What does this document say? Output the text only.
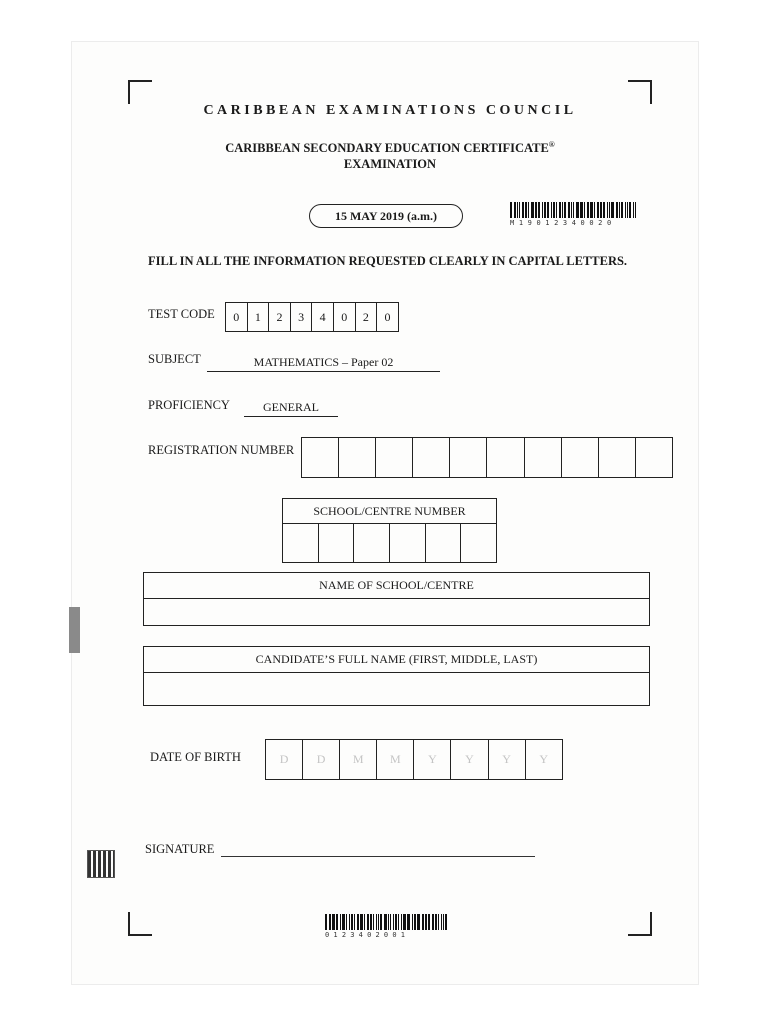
CARIBBEAN EXAMINATIONS COUNCIL
CARIBBEAN SECONDARY EDUCATION CERTIFICATE®
EXAMINATION
15 MAY 2019 (a.m.)	M19012340020
FILL IN ALL THE INFORMATION REQUESTED CLEARLY IN CAPITAL LETTERS.
TEST CODE	0	1	2	3	4	0	2	0
SUBJECT	MATHEMATICS – Paper 02
PROFICIENCY	GENERAL
REGISTRATION NUMBER
SCHOOL/CENTRE NUMBER
NAME OF SCHOOL/CENTRE
CANDIDATE’S FULL NAME (FIRST, MIDDLE, LAST)
DATE OF BIRTH	D	D	M	M	Y	Y	Y	Y
SIGNATURE
0123402001
